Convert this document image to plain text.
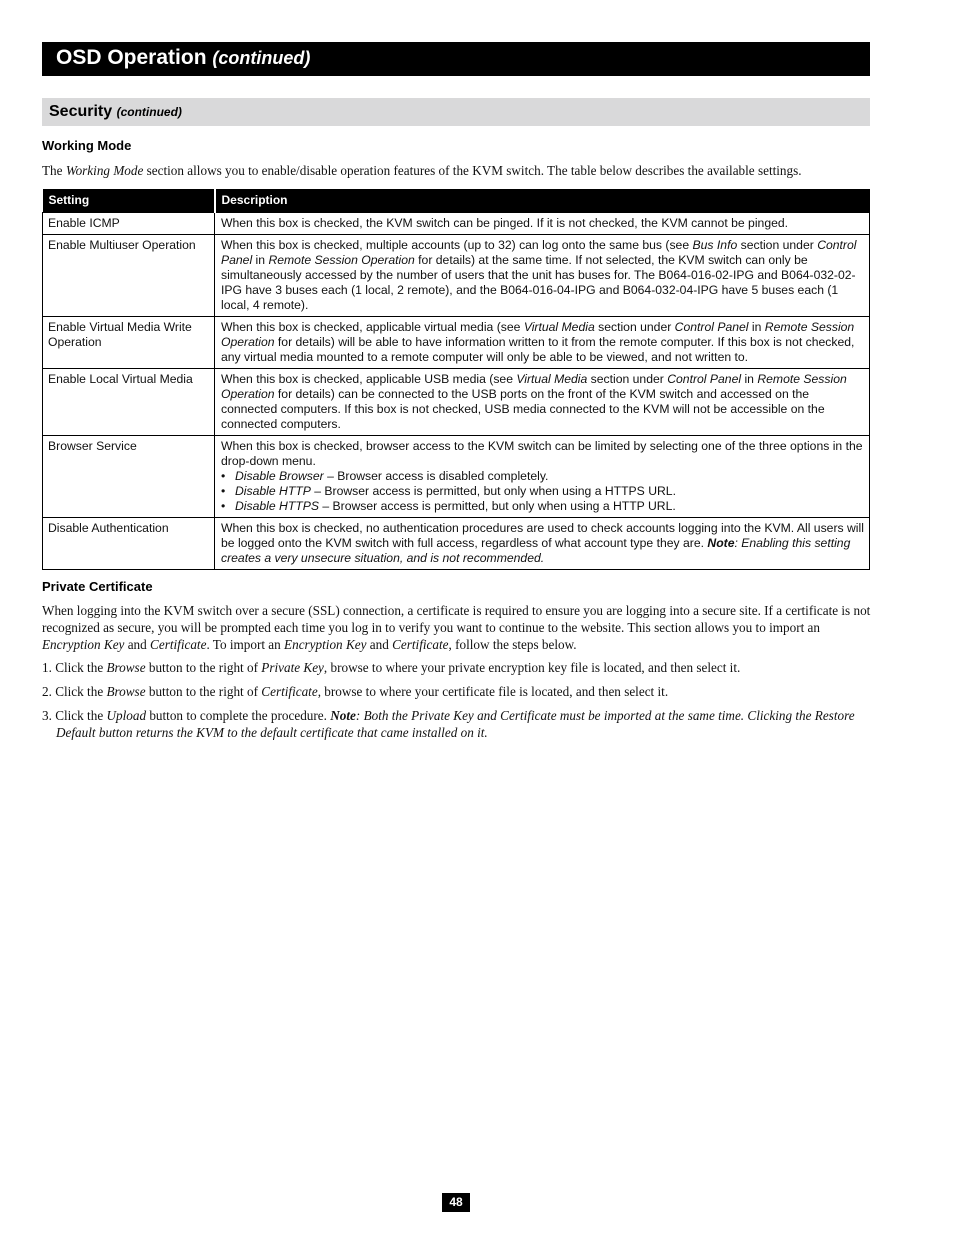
OSD Operation (continued)
Security (continued)
Working Mode

The Working Mode section allows you to enable/disable operation features of the KVM switch. The table below describes the available settings.

Setting	Description
Enable ICMP	When this box is checked, the KVM switch can be pinged. If it is not checked, the KVM cannot be pinged.
Enable Multiuser Operation	When this box is checked, multiple accounts (up to 32) can log onto the same bus (see Bus Info section under Control Panel in Remote Session Operation for details) at the same time. If not selected, the KVM switch can only be simultaneously accessed by the number of users that the unit has buses for. The B064-016-02-IPG and B064-032-02-IPG have 3 buses each (1 local, 2 remote), and the B064-016-04-IPG and B064-032-04-IPG have 5 buses each (1 local, 4 remote).
Enable Virtual Media Write Operation	When this box is checked, applicable virtual media (see Virtual Media section under Control Panel in Remote Session Operation for details) will be able to have information written to it from the remote computer. If this box is not checked, any virtual media mounted to a remote computer will only be able to be viewed, and not written to.
Enable Local Virtual Media	When this box is checked, applicable USB media (see Virtual Media section under Control Panel in Remote Session Operation for details) can be connected to the USB ports on the front of the KVM switch and accessed on the connected computers. If this box is not checked, USB media connected to the KVM will not be accessible on the connected computers.
Browser Service	When this box is checked, browser access to the KVM switch can be limited by selecting one of the three options in the drop-down menu.
• Disable Browser – Browser access is disabled completely.
• Disable HTTP – Browser access is permitted, but only when using a HTTPS URL.
• Disable HTTPS – Browser access is permitted, but only when using a HTTP URL.

Disable Authentication	When this box is checked, no authentication procedures are used to check accounts logging into the KVM. All users will be logged onto the KVM switch with full access, regardless of what account type they are. Note: Enabling this setting creates a very unsecure situation, and is not recommended.
Private Certificate

When logging into the KVM switch over a secure (SSL) connection, a certificate is required to ensure you are logging into a secure site. If a certificate is not recognized as secure, you will be prompted each time you log in to verify you want to continue to the website. This section allows you to import an Encryption Key and Certificate. To import an Encryption Key and Certificate, follow the steps below.

1. Click the Browse button to the right of Private Key, browse to where your private encryption key file is located, and then select it.

2. Click the Browse button to the right of Certificate, browse to where your certificate file is located, and then select it.

3. Click the Upload button to complete the procedure. Note: Both the Private Key and Certificate must be imported at the same time. Clicking the Restore Default button returns the KVM to the default certificate that came installed on it.

48
